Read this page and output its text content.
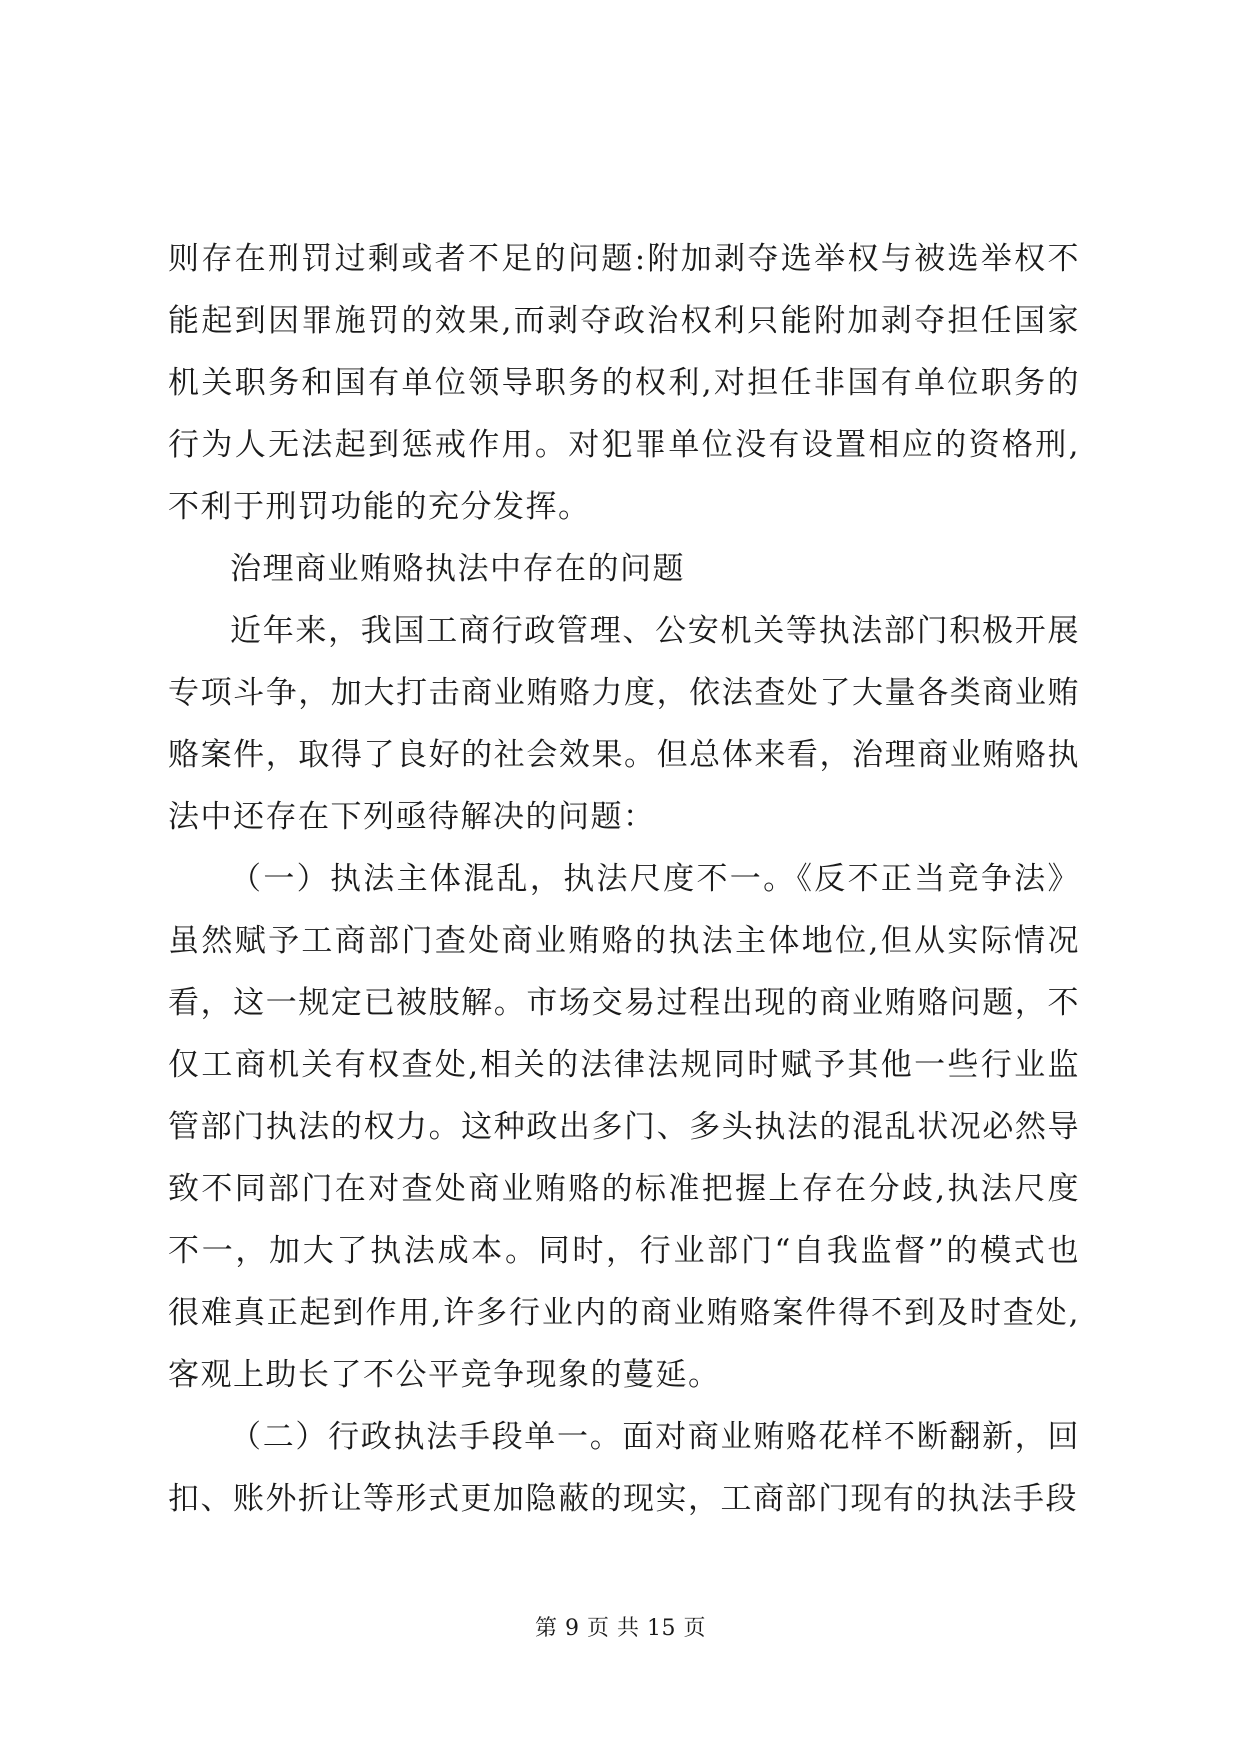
则存在刑罚过剩或者不足的问题:附加剥夺选举权与被选举权不能起到因罪施罚的效果,而剥夺政治权利只能附加剥夺担任国家机关职务和国有单位领导职务的权利,对担任非国有单位职务的行为人无法起到惩戒作用。对犯罪单位没有设置相应的资格刑,不利于刑罚功能的充分发挥。

治理商业贿赂执法中存在的问题

近年来，我国工商行政管理、公安机关等执法部门积极开展专项斗争，加大打击商业贿赂力度，依法查处了大量各类商业贿赂案件，取得了良好的社会效果。但总体来看，治理商业贿赂执法中还存在下列亟待解决的问题：

（一）执法主体混乱，执法尺度不一。《反不正当竞争法》虽然赋予工商部门查处商业贿赂的执法主体地位,但从实际情况看，这一规定已被肢解。市场交易过程出现的商业贿赂问题，不仅工商机关有权查处,相关的法律法规同时赋予其他一些行业监管部门执法的权力。这种政出多门、多头执法的混乱状况必然导致不同部门在对查处商业贿赂的标准把握上存在分歧,执法尺度不一，加大了执法成本。同时，行业部门“自我监督”的模式也很难真正起到作用,许多行业内的商业贿赂案件得不到及时查处,客观上助长了不公平竞争现象的蔓延。

（二）行政执法手段单一。面对商业贿赂花样不断翻新，回扣、账外折让等形式更加隐蔽的现实，工商部门现有的执法手段

第 9 页 共 15 页
